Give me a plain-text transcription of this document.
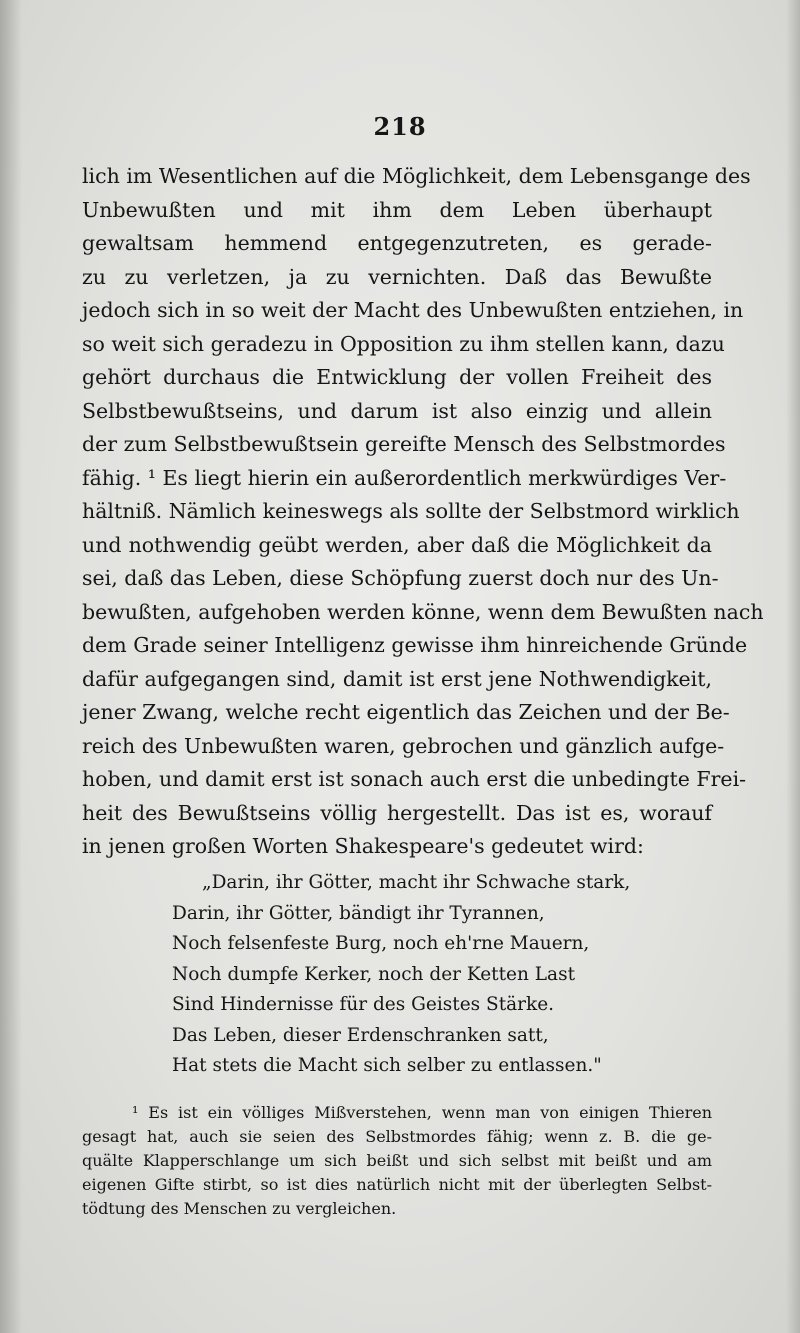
218
lich im Wesentlichen auf die Möglichkeit, dem Lebensgange des
Unbewußten und mit ihm dem Leben überhaupt
gewaltsam hemmend entgegenzutreten, es gerade-
zu zu verletzen, ja zu vernichten. Daß das Bewußte
jedoch sich in so weit der Macht des Unbewußten entziehen, in
so weit sich geradezu in Opposition zu ihm stellen kann, dazu
gehört durchaus die Entwicklung der vollen Freiheit des
Selbstbewußtseins, und darum ist also einzig und allein
der zum Selbstbewußtsein gereifte Mensch des Selbstmordes
fähig. ¹ Es liegt hierin ein außerordentlich merkwürdiges Ver-
hältniß. Nämlich keineswegs als sollte der Selbstmord wirklich
und nothwendig geübt werden, aber daß die Möglichkeit da
sei, daß das Leben, diese Schöpfung zuerst doch nur des Un-
bewußten, aufgehoben werden könne, wenn dem Bewußten nach
dem Grade seiner Intelligenz gewisse ihm hinreichende Gründe
dafür aufgegangen sind, damit ist erst jene Nothwendigkeit,
jener Zwang, welche recht eigentlich das Zeichen und der Be-
reich des Unbewußten waren, gebrochen und gänzlich aufge-
hoben, und damit erst ist sonach auch erst die unbedingte Frei-
heit des Bewußtseins völlig hergestellt. Das ist es, worauf
in jenen großen Worten Shakespeare's gedeutet wird:
„Darin, ihr Götter, macht ihr Schwache stark,
Darin, ihr Götter, bändigt ihr Tyrannen,
Noch felsenfeste Burg, noch eh'rne Mauern,
Noch dumpfe Kerker, noch der Ketten Last
Sind Hindernisse für des Geistes Stärke.
Das Leben, dieser Erdenschranken satt,
Hat stets die Macht sich selber zu entlassen."
¹ Es ist ein völliges Mißverstehen, wenn man von einigen Thieren
gesagt hat, auch sie seien des Selbstmordes fähig; wenn z. B. die ge-
quälte Klapperschlange um sich beißt und sich selbst mit beißt und am
eigenen Gifte stirbt, so ist dies natürlich nicht mit der überlegten Selbst-
tödtung des Menschen zu vergleichen.
